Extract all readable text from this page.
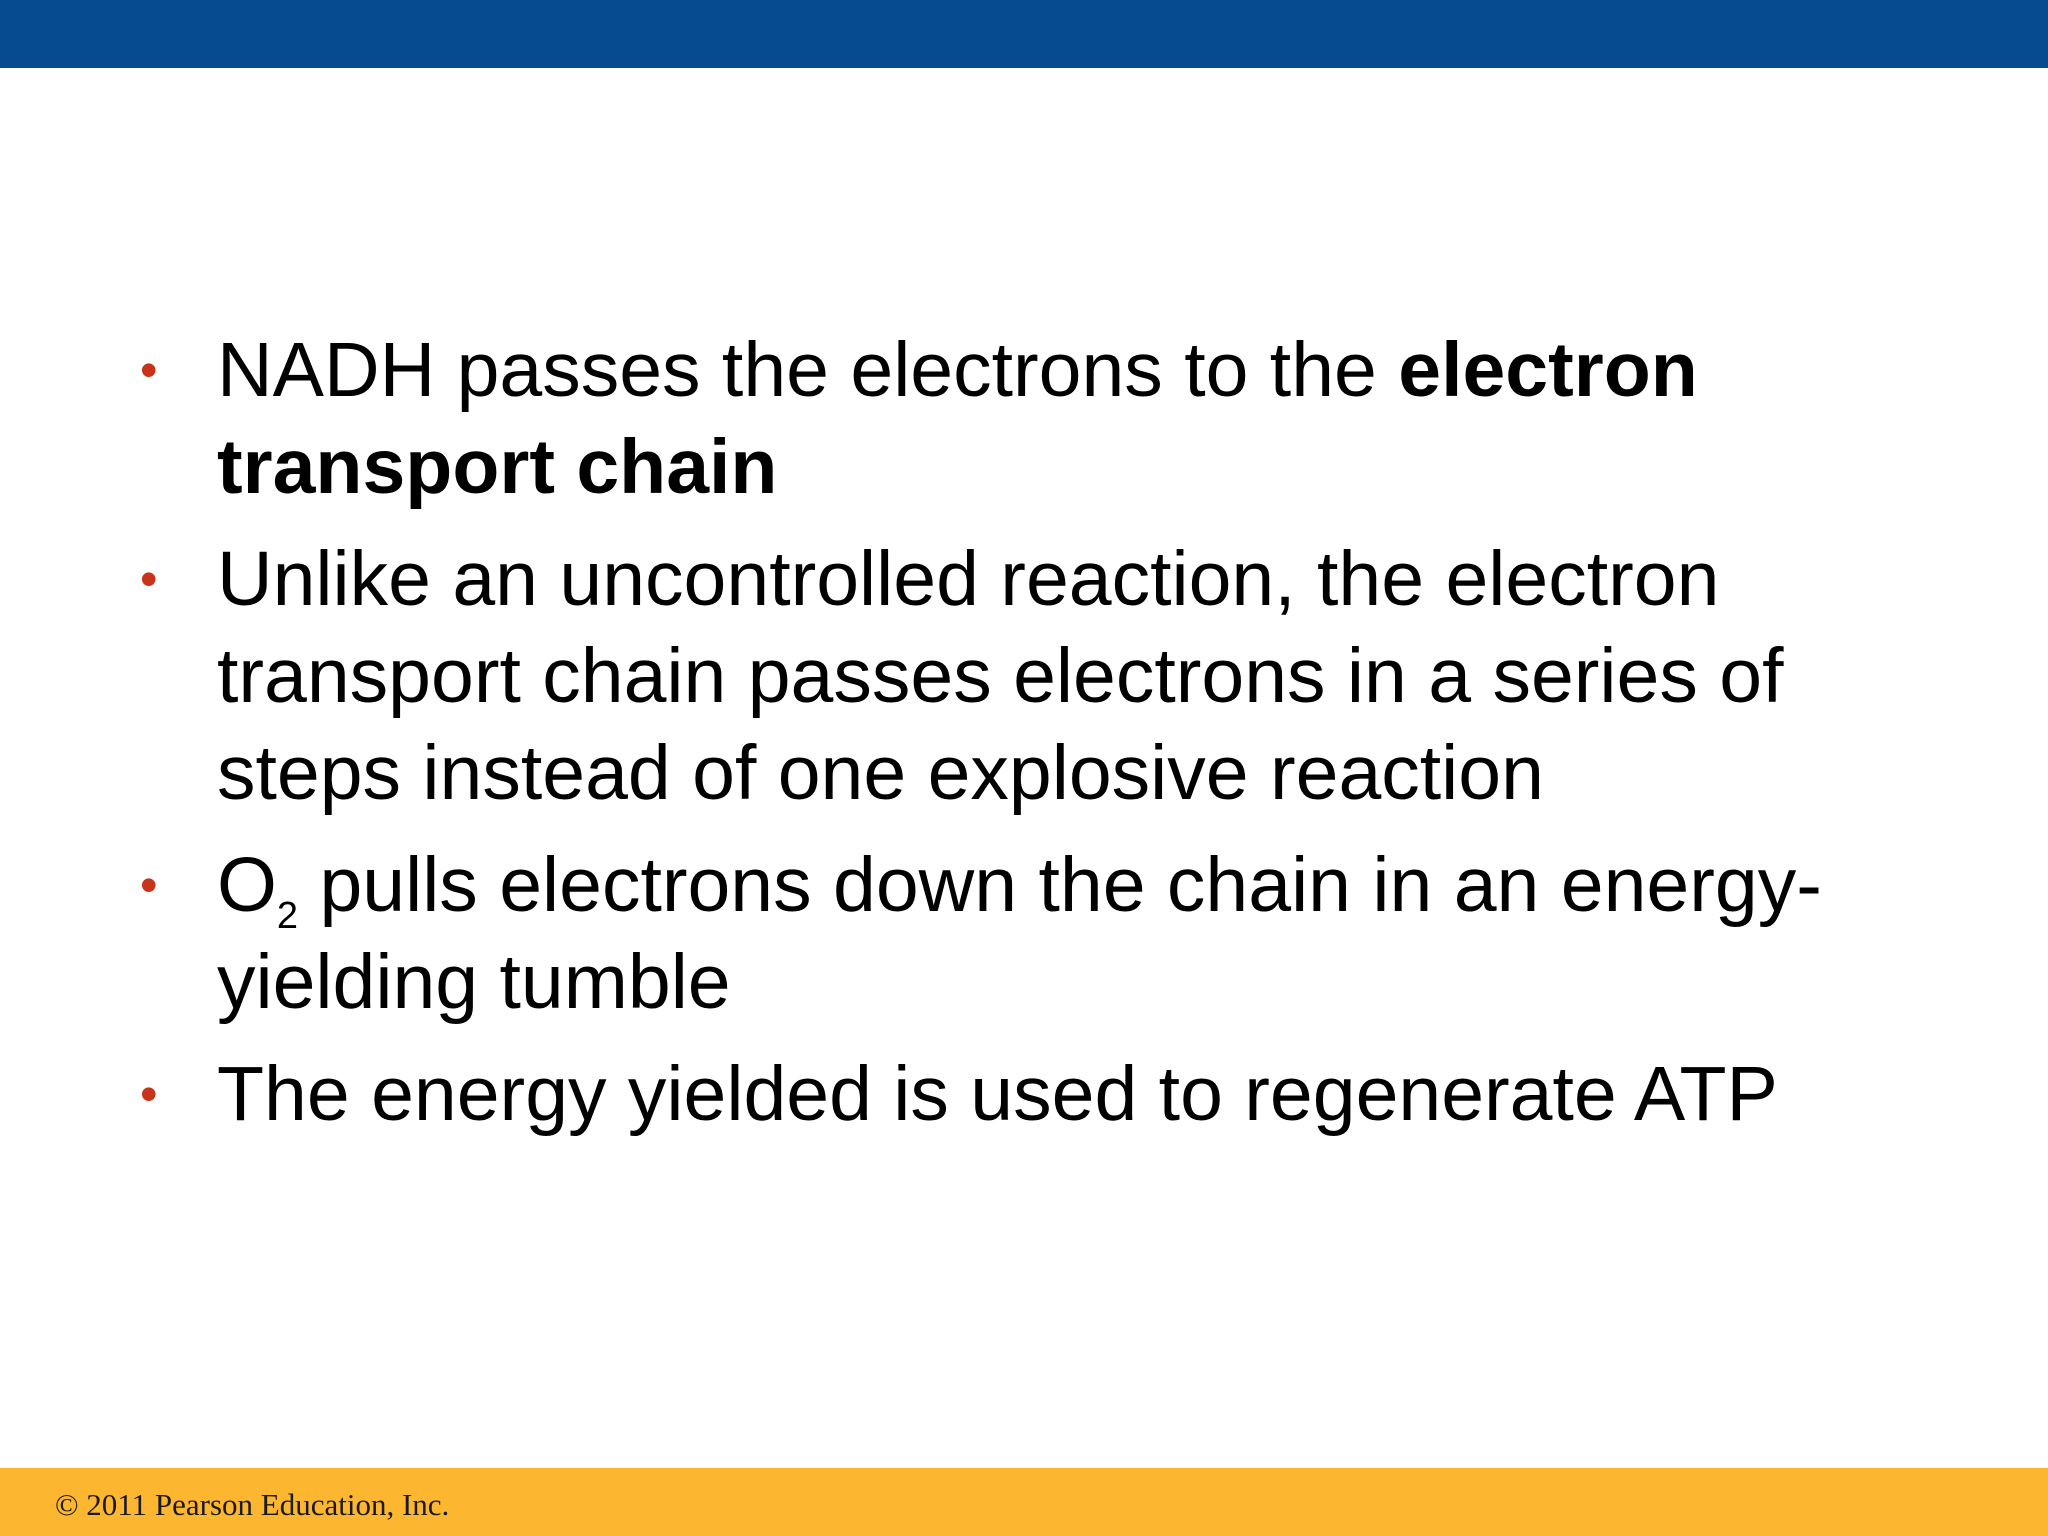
• NADH passes the electrons to the electron transport chain
• Unlike an uncontrolled reaction, the electron transport chain passes electrons in a series of steps instead of one explosive reaction
• $O_2$ pulls electrons down the chain in an energy-yielding tumble
• The energy yielded is used to regenerate ATP
© 2011 Pearson Education, Inc.
